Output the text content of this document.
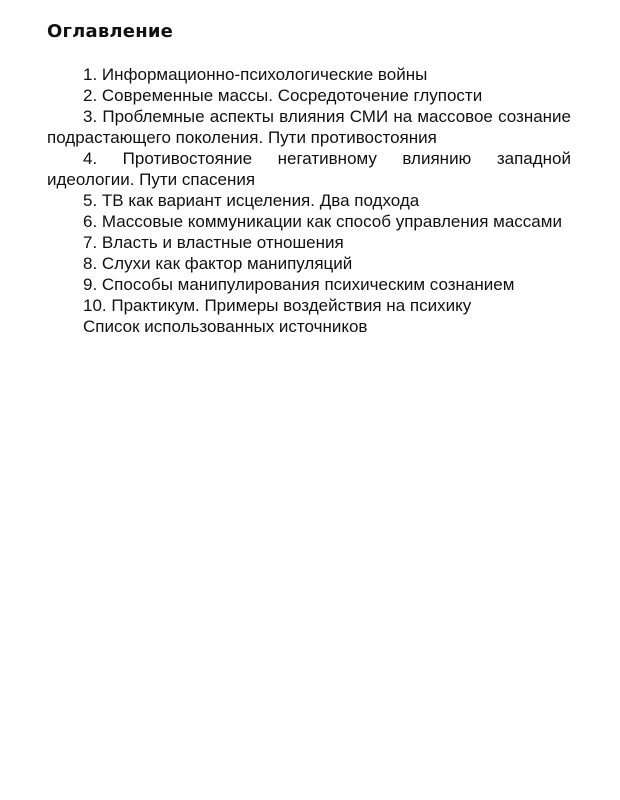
Оглавление
1. Информационно-психологические войны
2. Современные массы. Сосредоточение глупости
3. Проблемные аспекты влияния СМИ на массовое сознание подрастающего поколения. Пути противостояния
4. Противостояние негативному влиянию западной идеологии. Пути спасения
5. ТВ как вариант исцеления. Два подхода
6. Массовые коммуникации как способ управления массами
7. Власть и властные отношения
8. Слухи как фактор манипуляций
9. Способы манипулирования психическим сознанием
10. Практикум. Примеры воздействия на психику
Список использованных источников
